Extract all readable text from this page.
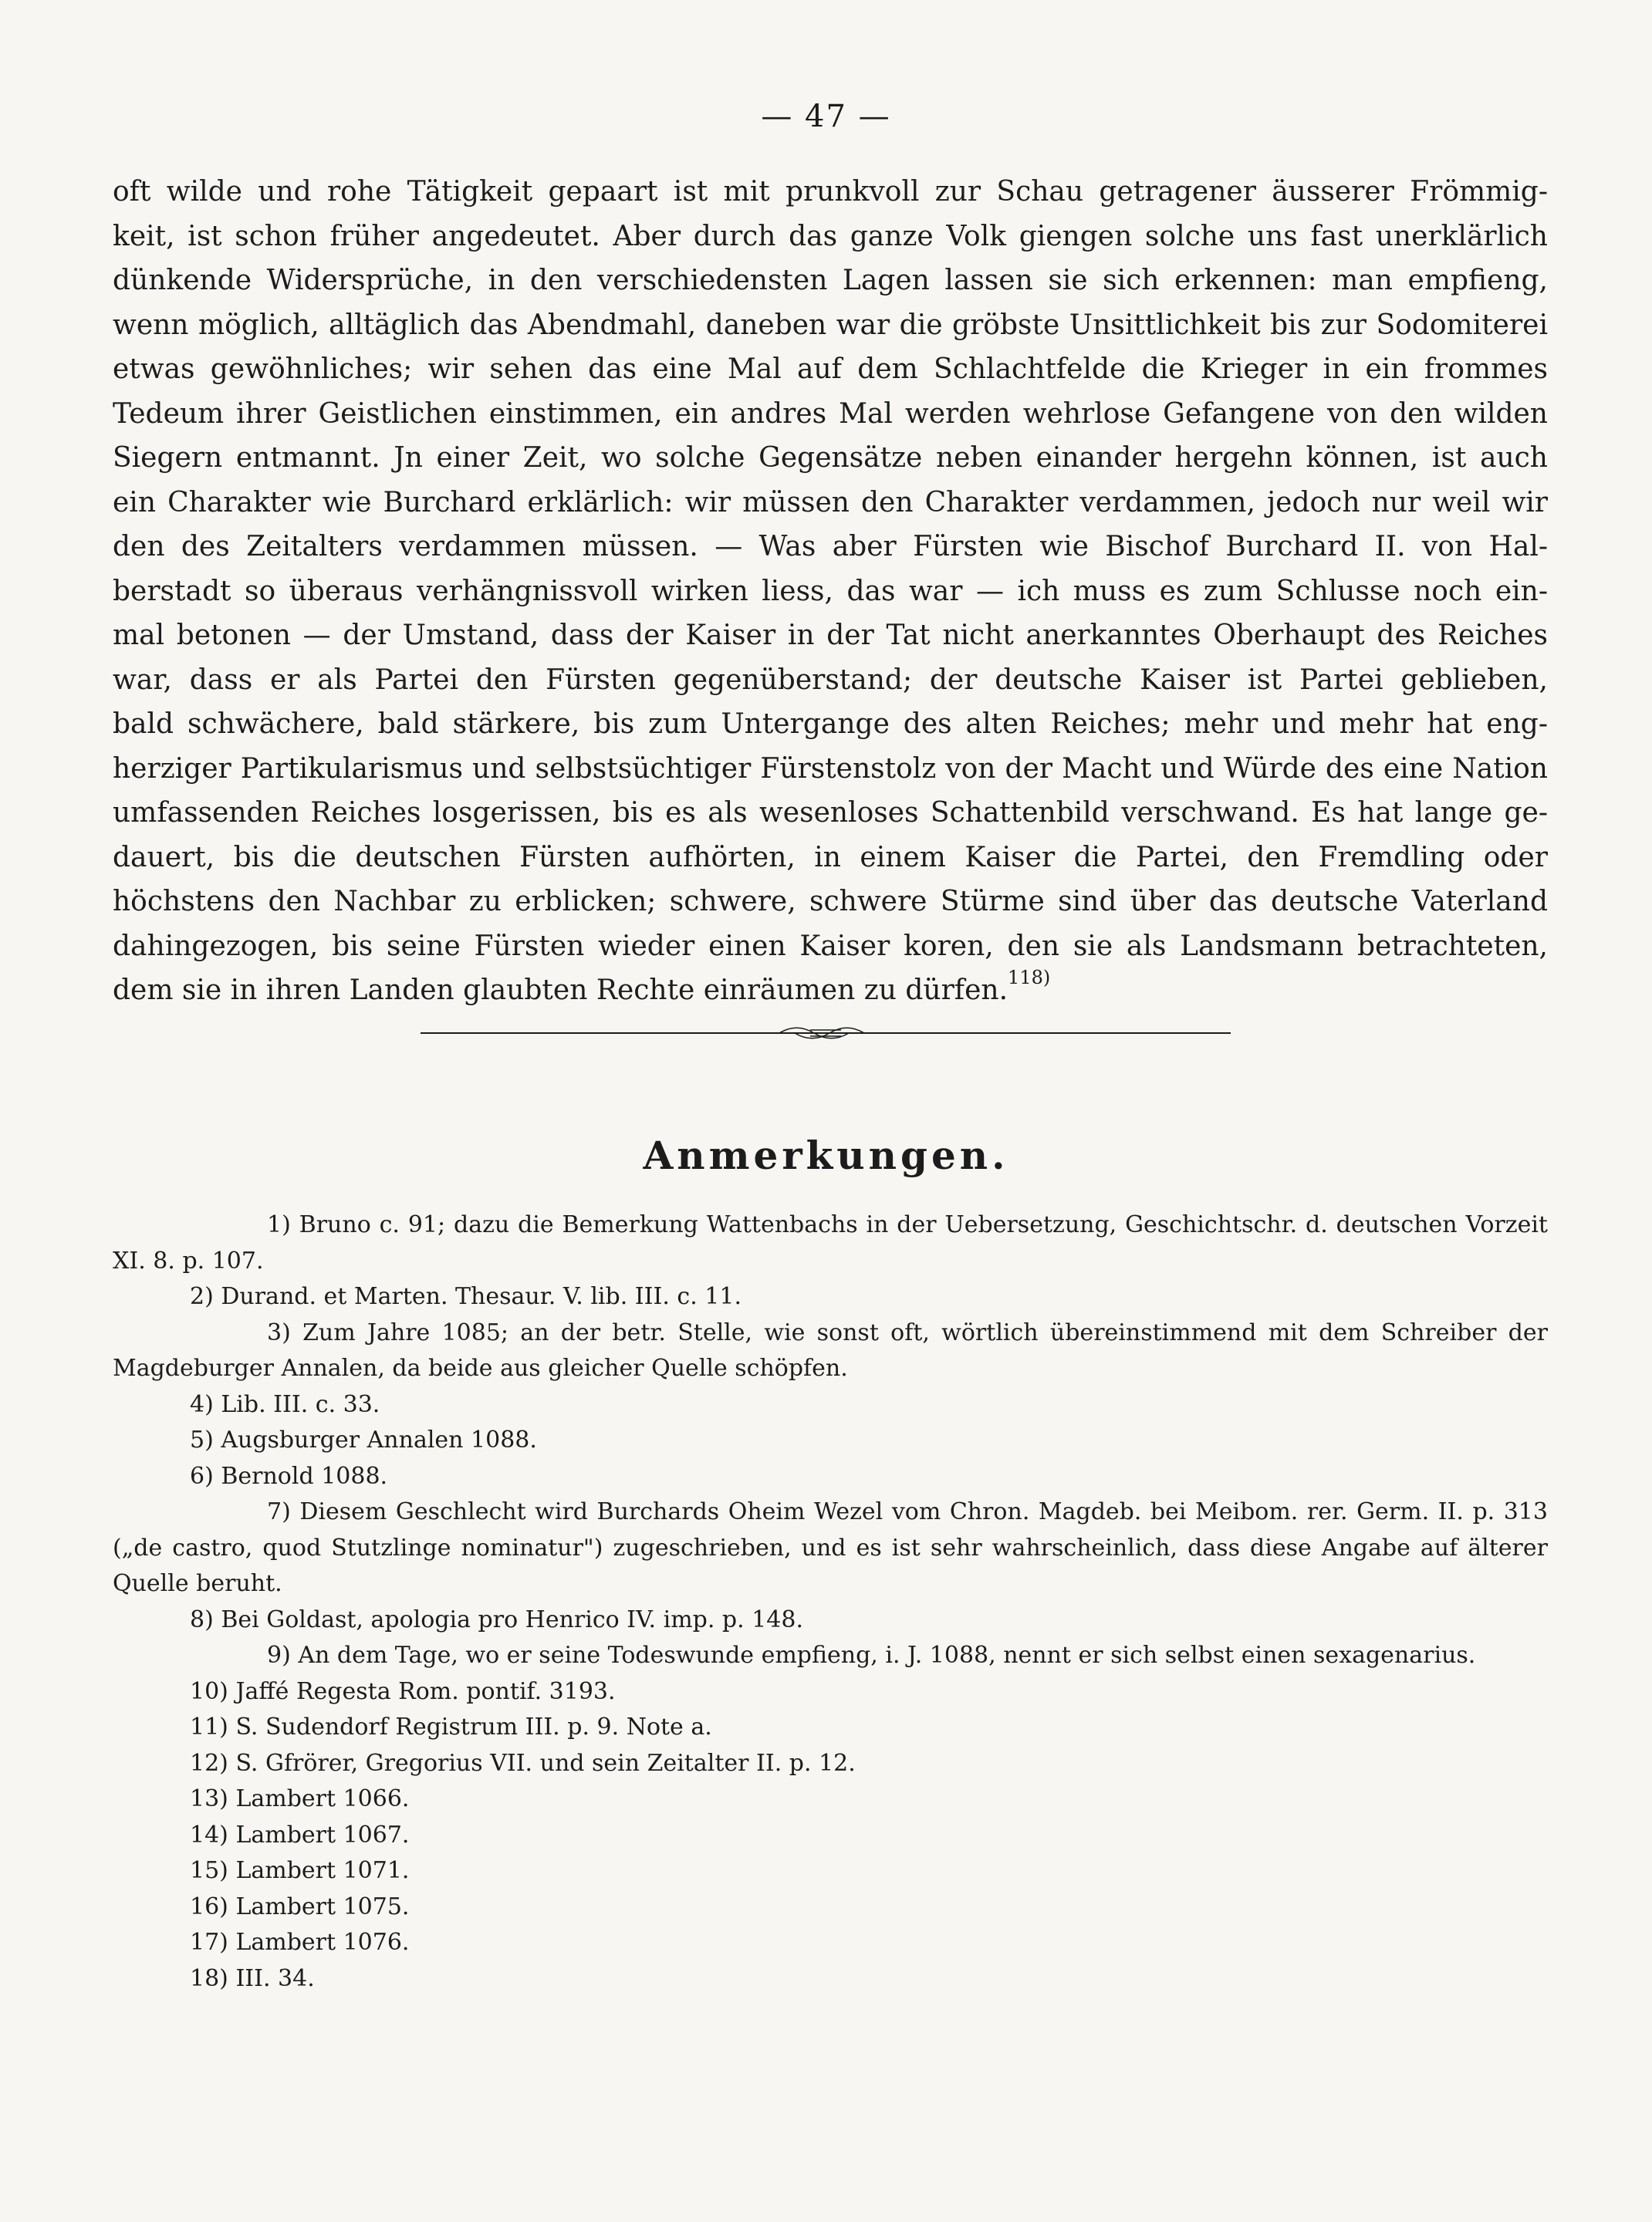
— 47 —
oft wilde und rohe Tätigkeit gepaart ist mit prunkvoll zur Schau getragener äusserer Frömmig-
keit, ist schon früher angedeutet. Aber durch das ganze Volk giengen solche uns fast unerklärlich
dünkende Widersprüche, in den verschiedensten Lagen lassen sie sich erkennen: man empfieng,
wenn möglich, alltäglich das Abendmahl, daneben war die gröbste Unsittlichkeit bis zur Sodomiterei
etwas gewöhnliches; wir sehen das eine Mal auf dem Schlachtfelde die Krieger in ein frommes
Tedeum ihrer Geistlichen einstimmen, ein andres Mal werden wehrlose Gefangene von den wilden
Siegern entmannt. Jn einer Zeit, wo solche Gegensätze neben einander hergehn können, ist auch
ein Charakter wie Burchard erklärlich: wir müssen den Charakter verdammen, jedoch nur weil wir
den des Zeitalters verdammen müssen. — Was aber Fürsten wie Bischof Burchard II. von Hal-
berstadt so überaus verhängnissvoll wirken liess, das war — ich muss es zum Schlusse noch ein-
mal betonen — der Umstand, dass der Kaiser in der Tat nicht anerkanntes Oberhaupt des Reiches
war, dass er als Partei den Fürsten gegenüberstand; der deutsche Kaiser ist Partei geblieben,
bald schwächere, bald stärkere, bis zum Untergange des alten Reiches; mehr und mehr hat eng-
herziger Partikularismus und selbstsüchtiger Fürstenstolz von der Macht und Würde des eine Nation
umfassenden Reiches losgerissen, bis es als wesenloses Schattenbild verschwand. Es hat lange ge-
dauert, bis die deutschen Fürsten aufhörten, in einem Kaiser die Partei, den Fremdling oder
höchstens den Nachbar zu erblicken; schwere, schwere Stürme sind über das deutsche Vaterland
dahingezogen, bis seine Fürsten wieder einen Kaiser koren, den sie als Landsmann betrachteten,
dem sie in ihren Landen glaubten Rechte einräumen zu dürfen.$^{118)}$
Anmerkungen.
1) Bruno c. 91; dazu die Bemerkung Wattenbachs in der Uebersetzung, Geschichtschr. d. deutschen Vorzeit XI. 8. p. 107.
2) Durand. et Marten. Thesaur. V. lib. III. c. 11.
3) Zum Jahre 1085; an der betr. Stelle, wie sonst oft, wörtlich übereinstimmend mit dem Schreiber der Magdeburger Annalen, da beide aus gleicher Quelle schöpfen.
4) Lib. III. c. 33.
5) Augsburger Annalen 1088.
6) Bernold 1088.
7) Diesem Geschlecht wird Burchards Oheim Wezel vom Chron. Magdeb. bei Meibom. rer. Germ. II. p. 313 („de castro, quod Stutzlinge nominatur") zugeschrieben, und es ist sehr wahrscheinlich, dass diese Angabe auf älterer Quelle beruht.
8) Bei Goldast, apologia pro Henrico IV. imp. p. 148.
9) An dem Tage, wo er seine Todeswunde empfieng, i. J. 1088, nennt er sich selbst einen sexagenarius.
10) Jaffé Regesta Rom. pontif. 3193.
11) S. Sudendorf Registrum III. p. 9. Note a.
12) S. Gfrörer, Gregorius VII. und sein Zeitalter II. p. 12.
13) Lambert 1066.
14) Lambert 1067.
15) Lambert 1071.
16) Lambert 1075.
17) Lambert 1076.
18) III. 34.
